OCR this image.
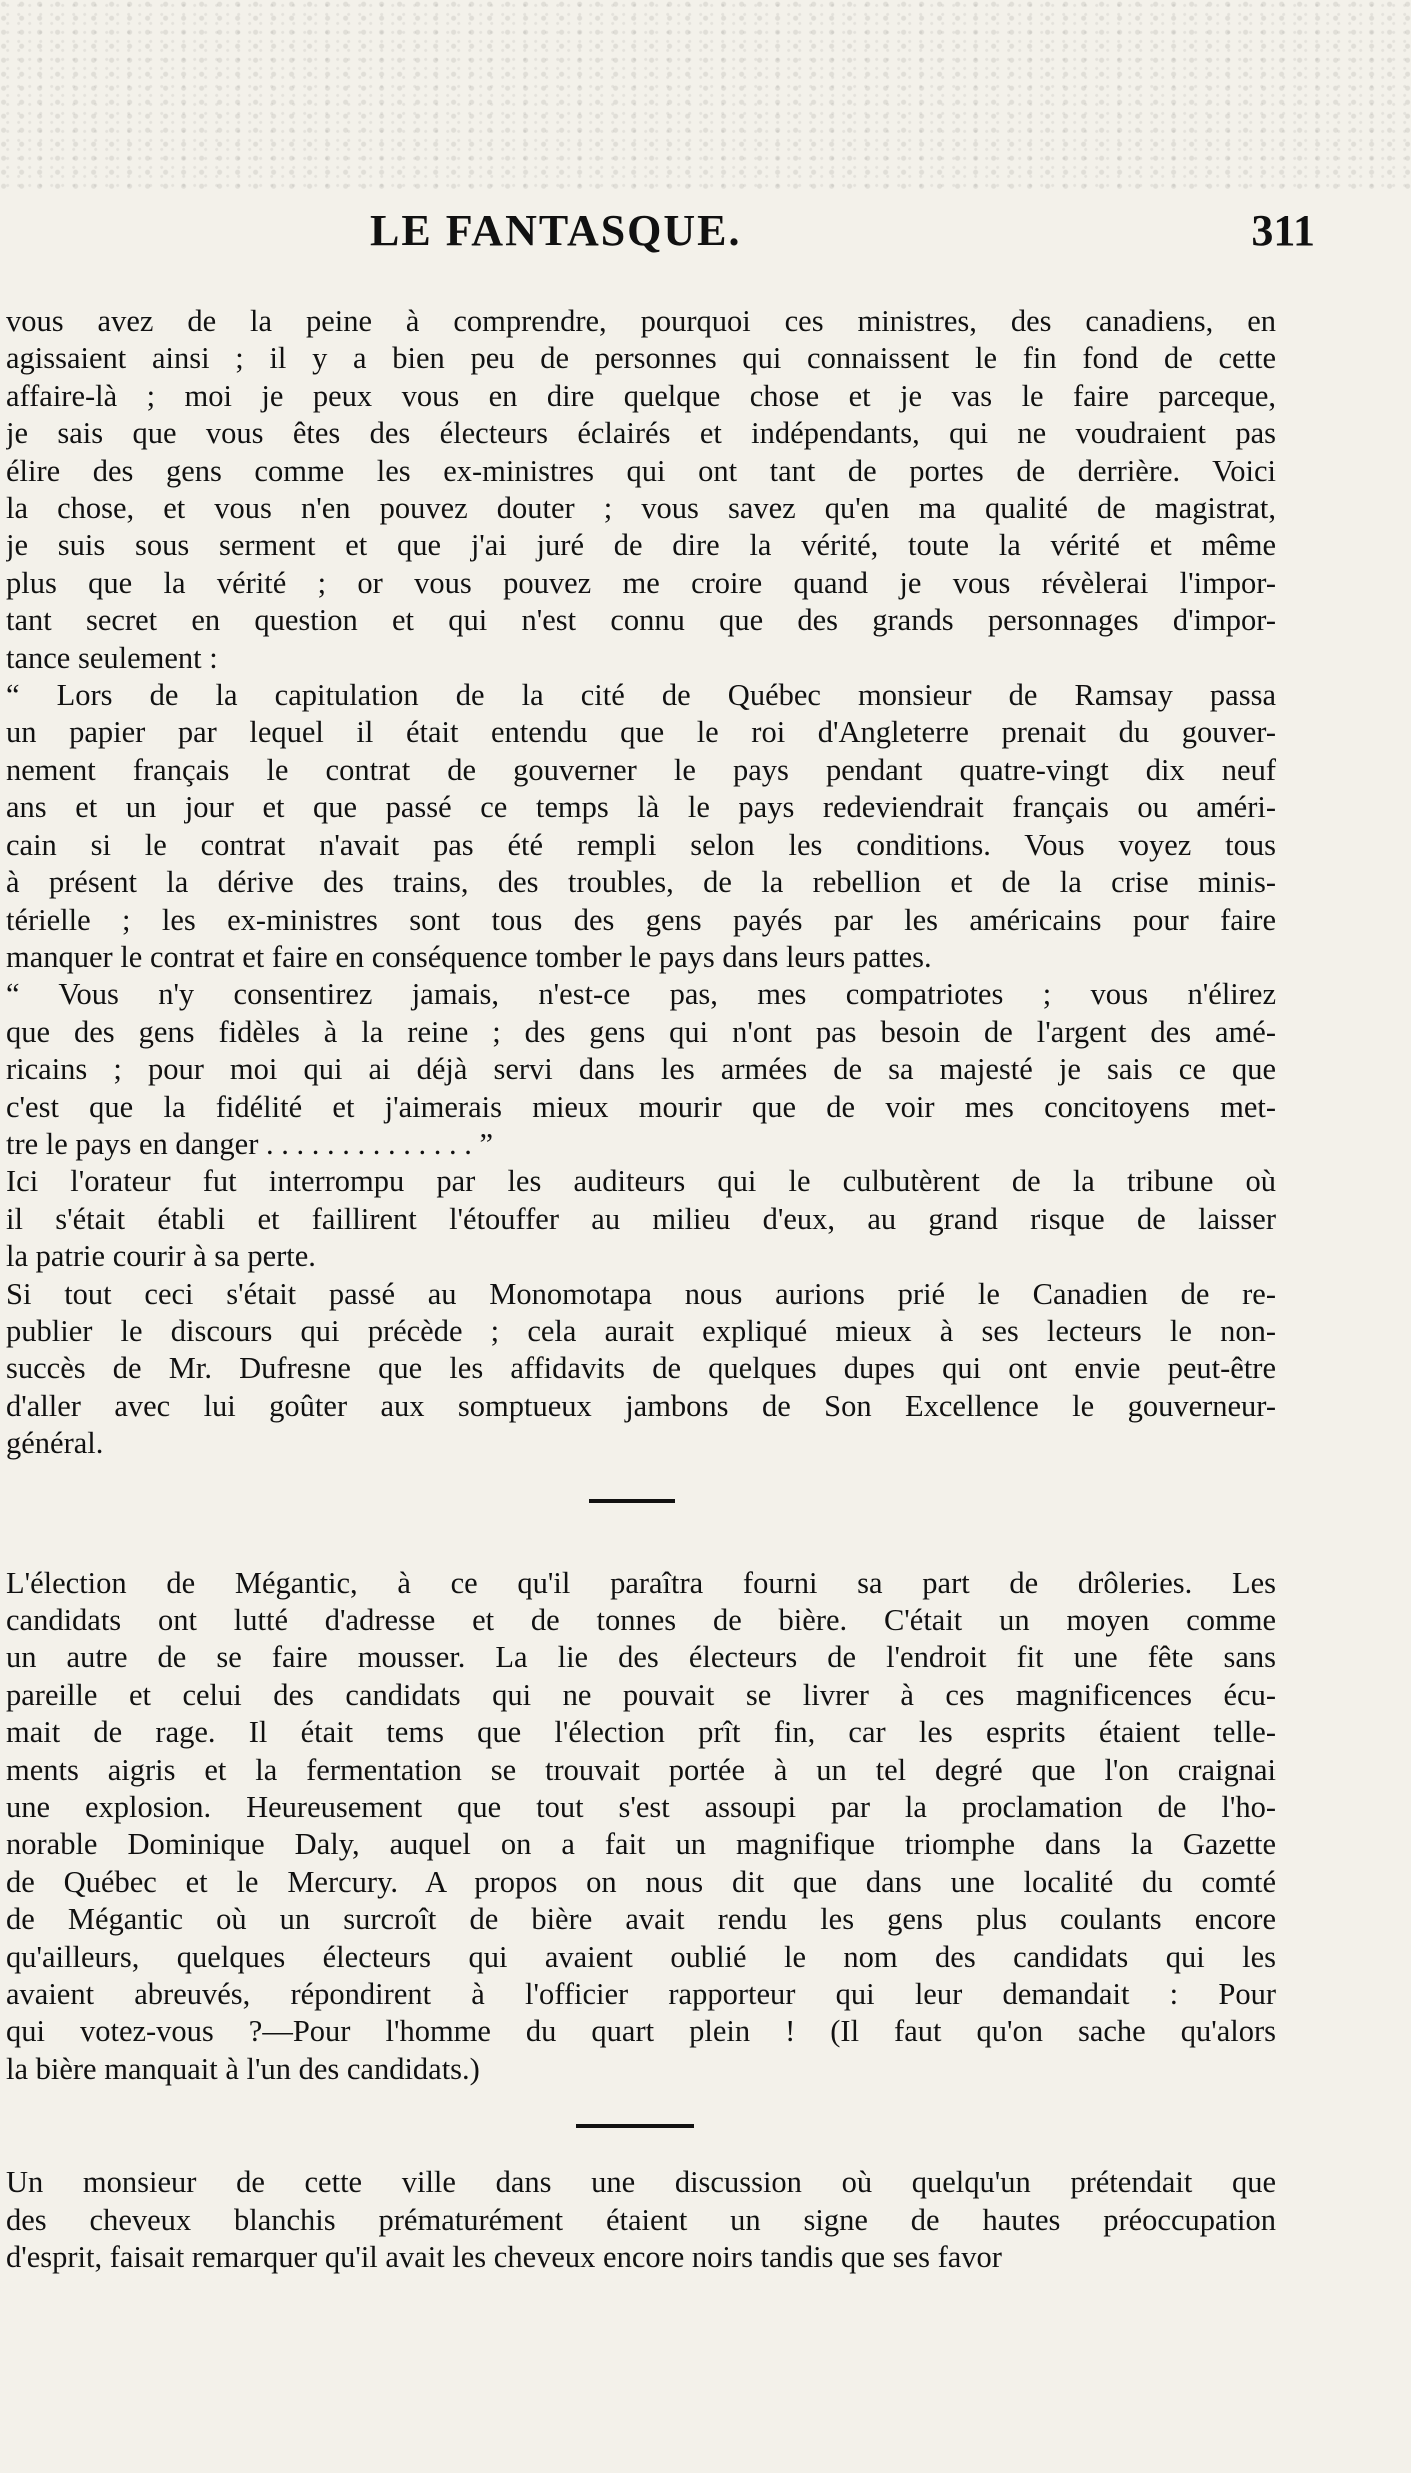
LE FANTASQUE.	311
vous avez de la peine à comprendre, pourquoi ces ministres, des canadiens, en
agissaient ainsi ; il y a bien peu de personnes qui connaissent le fin fond de cette
affaire-là ; moi je peux vous en dire quelque chose et je vas le faire parceque,
je sais que vous êtes des électeurs éclairés et indépendants, qui ne voudraient pas
élire des gens comme les ex-ministres qui ont tant de portes de derrière. Voici
la chose, et vous n'en pouvez douter ; vous savez qu'en ma qualité de magistrat,
je suis sous serment et que j'ai juré de dire la vérité, toute la vérité et même
plus que la vérité ; or vous pouvez me croire quand je vous révèlerai l'impor-
tant secret en question et qui n'est connu que des grands personnages d'impor-
tance seulement :
“ Lors de la capitulation de la cité de Québec monsieur de Ramsay passa
un papier par lequel il était entendu que le roi d'Angleterre prenait du gouver-
nement français le contrat de gouverner le pays pendant quatre-vingt dix neuf
ans et un jour et que passé ce temps là le pays redeviendrait français ou améri-
cain si le contrat n'avait pas été rempli selon les conditions. Vous voyez tous
à présent la dérive des trains, des troubles, de la rebellion et de la crise minis-
térielle ; les ex-ministres sont tous des gens payés par les américains pour faire
manquer le contrat et faire en conséquence tomber le pays dans leurs pattes.
“ Vous n'y consentirez jamais, n'est-ce pas, mes compatriotes ; vous n'élirez
que des gens fidèles à la reine ; des gens qui n'ont pas besoin de l'argent des amé-
ricains ; pour moi qui ai déjà servi dans les armées de sa majesté je sais ce que
c'est que la fidélité et j'aimerais mieux mourir que de voir mes concitoyens met-
tre le pays en danger . . . . . . . . . . . . . . ”
Ici l'orateur fut interrompu par les auditeurs qui le culbutèrent de la tribune où
il s'était établi et faillirent l'étouffer au milieu d'eux, au grand risque de laisser
la patrie courir à sa perte.
Si tout ceci s'était passé au Monomotapa nous aurions prié le Canadien de re-
publier le discours qui précède ; cela aurait expliqué mieux à ses lecteurs le non-
succès de Mr. Dufresne que les affidavits de quelques dupes qui ont envie peut-être
d'aller avec lui goûter aux somptueux jambons de Son Excellence le gouverneur-
général.
L'élection de Mégantic, à ce qu'il paraîtra fourni sa part de drôleries. Les
candidats ont lutté d'adresse et de tonnes de bière. C'était un moyen comme
un autre de se faire mousser. La lie des électeurs de l'endroit fit une fête sans
pareille et celui des candidats qui ne pouvait se livrer à ces magnificences écu-
mait de rage. Il était tems que l'élection prît fin, car les esprits étaient telle-
ments aigris et la fermentation se trouvait portée à un tel degré que l'on craignai
une explosion. Heureusement que tout s'est assoupi par la proclamation de l'ho-
norable Dominique Daly, auquel on a fait un magnifique triomphe dans la Gazette
de Québec et le Mercury. A propos on nous dit que dans une localité du comté
de Mégantic où un surcroît de bière avait rendu les gens plus coulants encore
qu'ailleurs, quelques électeurs qui avaient oublié le nom des candidats qui les
avaient abreuvés, répondirent à l'officier rapporteur qui leur demandait : Pour
qui votez-vous ?—Pour l'homme du quart plein ! (Il faut qu'on sache qu'alors
la bière manquait à l'un des candidats.)
Un monsieur de cette ville dans une discussion où quelqu'un prétendait que
des cheveux blanchis prématurément étaient un signe de hautes préoccupation
d'esprit, faisait remarquer qu'il avait les cheveux encore noirs tandis que ses favor
